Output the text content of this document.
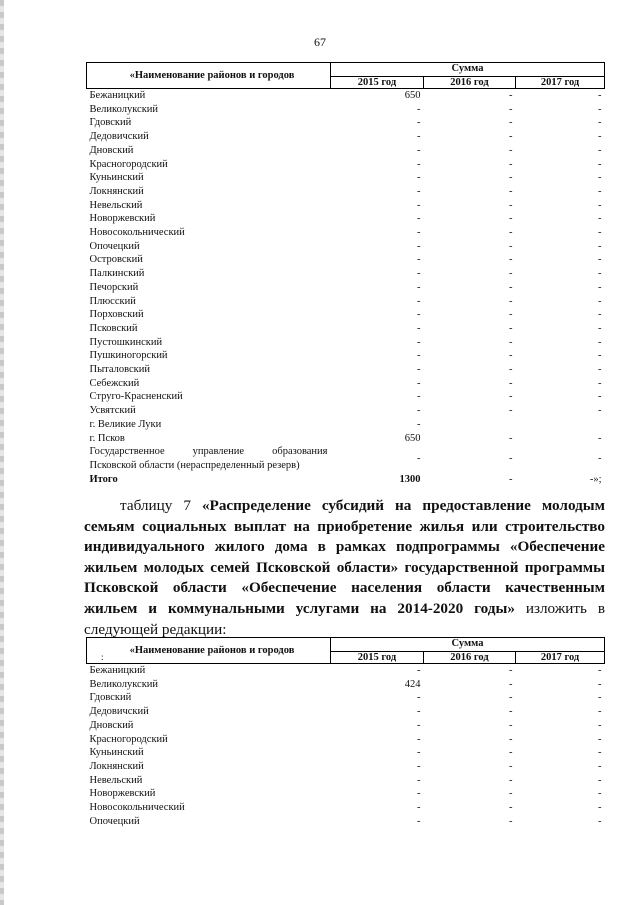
67
«Наименование районов и городов	Сумма		
	2015 год	2016 год	2017 год
Бежаницкий	650	-	-
Великолукский	-	-	-
Гдовский	-	-	-
Дедовичский	-	-	-
Дновский	-	-	-
Красногородский	-	-	-
Куньинский	-	-	-
Локнянский	-	-	-
Невельский	-	-	-
Новоржевский	-	-	-
Новосокольнический	-	-	-
Опочецкий	-	-	-
Островский	-	-	-
Палкинский	-	-	-
Печорский	-	-	-
Плюсский	-	-	-
Порховский	-	-	-
Псковский	-	-	-
Пустошкинский	-	-	-
Пушкиногорский	-	-	-
Пыталовский	-	-	-
Себежский	-	-	-
Струго-Красненский	-	-	-
Усвятский	-	-	-
г. Великие Луки	-		
г. Псков	650	-	-

Государственное управление образования
Псковской области (нераспределенный резерв)	-	-	-
Итого	1300	-	-»;
таблицу 7 «Распределение субсидий на предоставление молодым семьям социальных выплат на приобретение жилья или строительство индивидуального жилого дома в рамках подпрограммы «Обеспечение жильем молодых семей Псковской области» государственной программы Псковской области «Обеспечение населения области качественным жильем и коммунальными услугами на 2014-2020 годы» изложить в следующей редакции:
:
«Наименование районов и городов	Сумма		
	2015 год	2016 год	2017 год
Бежаницкий	-	-	-
Великолукский	424	-	-
Гдовский	-	-	-
Дедовичский	-	-	-
Дновский	-	-	-
Красногородский	-	-	-
Куньинский	-	-	-
Локнянский	-	-	-
Невельский	-	-	-
Новоржевский	-	-	-
Новосокольнический	-	-	-
Опочецкий	-	-	-
